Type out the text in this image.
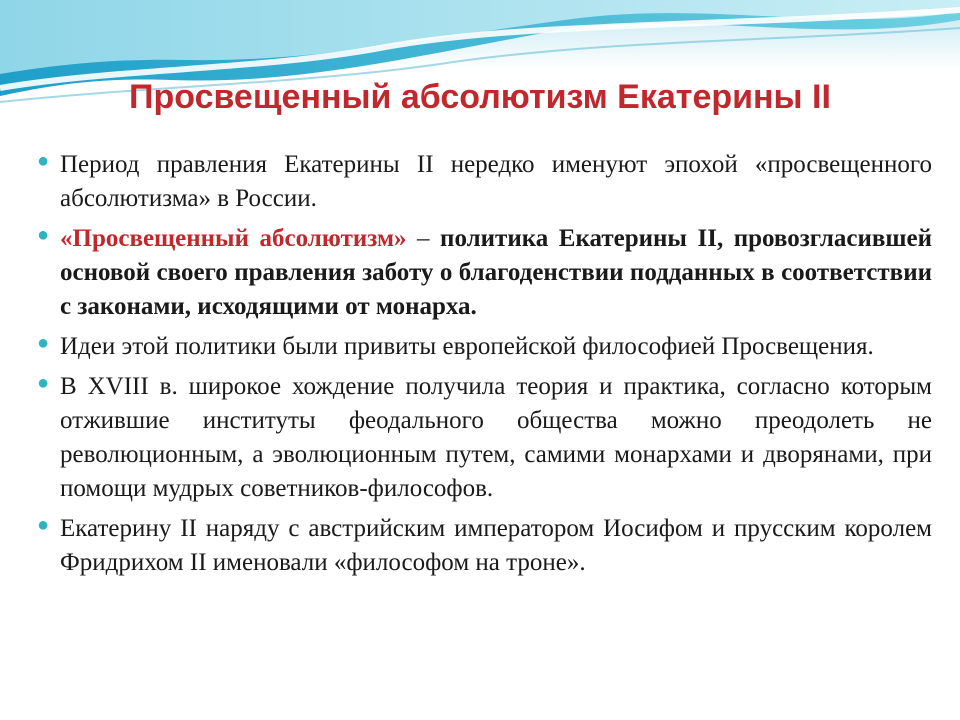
Просвещенный абсолютизм Екатерины II
● Период правления Екатерины II нередко именуют эпохой «просвещенного абсолютизма» в России.
● «Просвещенный абсолютизм» – политика Екатерины II, провозгласившей основой своего правления заботу о благоденствии подданных в соответствии с законами, исходящими от монарха.
● Идеи этой политики были привиты европейской философией Просвещения.
● В XVIII в. широкое хождение получила теория и практика, согласно которым отжившие институты феодального общества можно преодолеть не революционным, а эволюционным путем, самими монархами и дворянами, при помощи мудрых советников-философов.
● Екатерину II наряду с австрийским императором Иосифом и прусским королем Фридрихом II именовали «философом на троне».
